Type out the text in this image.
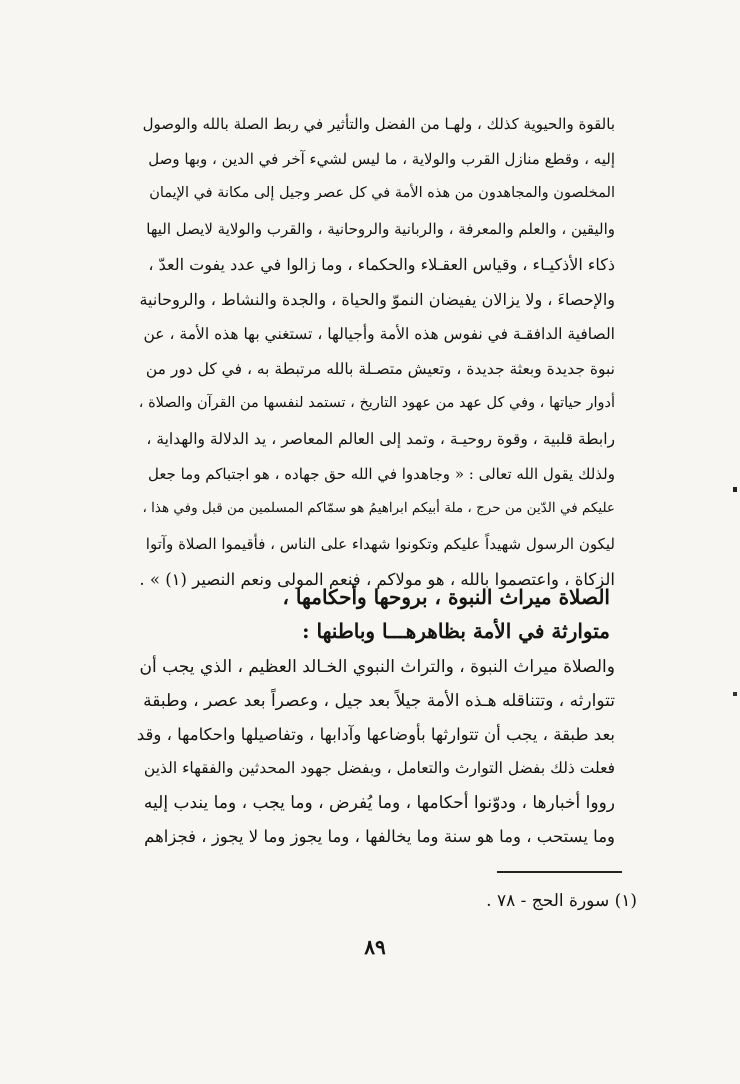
بالقوة والحيوية كذلك ، ولهـا من الفضل والتأثير في ربط الصلة بالله والوصول
إليه ، وقطع منازل القرب والولاية ، ما ليس لشيء آخر في الدين ، وبها وصل
المخلصون والمجاهدون من هذه الأمة في كل عصر وجيل إلى مكانة في الإيمان
واليقين ، والعلم والمعرفة ، والربانية والروحانية ، والقرب والولاية لايصل اليها
ذكاء الأذكيـاء ، وقياس العقـلاء والحكماء ، وما زالوا في عدد يفوت العدّ ،
والإحصاءَ ، ولا يزالان يفيضان النموّ والحياة ، والجدة والنشاط ، والروحانية
الصافية الدافقـة في نفوس هذه الأمة وأجيالها ، تستغني بها هذه الأمة ، عن
نبوة جديدة وبعثة جديدة ، وتعيش متصـلة بالله مرتبطة به ، في كل دور من
أدوار حياتها ، وفي كل عهد من عهود التاريخ ، تستمد لنفسها من القرآن والصلاة ،
رابطة قلبية ، وقوة روحيـة ، وتمد إلى العالم المعاصر ، يد الدلالة والهداية ،
ولذلك يقول الله تعالى : « وجاهدوا في الله حق جهاده ، هو اجتباكم وما جعل
عليكم في الدّين من حرج ، ملة أبيكم ابراهيمُ هو سمّاكم المسلمين من قبل وفي هذا ،
ليكون الرسول شهيداً عليكم وتكونوا شهداء على الناس ، فأقيموا الصلاة وآتوا
الزكاة ، واعتصموا بالله ، هو مولاكم ، فنعم المولى ونعم النصير (١) » .
الصلاة ميراث النبوة ، بروحها وأحكامها ،
متوارثة في الأمة بظاهرهـــا وباطنها :
والصلاة ميراث النبوة ، والتراث النبوي الخـالد العظيم ، الذي يجب أن
تتوارثه ، وتتناقله هـذه الأمة جيلاً بعد جيل ، وعصراً بعد عصر ، وطبقة
بعد طبقة ، يجب أن تتوارثها بأوضاعها وآدابها ، وتفاصيلها واحكامها ، وقد
فعلت ذلك بفضل التوارث والتعامل ، وبفضل جهود المحدثين والفقهاء الذين
رووا أخبارها ، ودوّنوا أحكامها ، وما يُفرض ، وما يجب ، وما يندب إليه
وما يستحب ، وما هو سنة وما يخالفها ، وما يجوز وما لا يجوز ، فجزاهم
(١) سورة الحج - ٧٨ .
٨٩
